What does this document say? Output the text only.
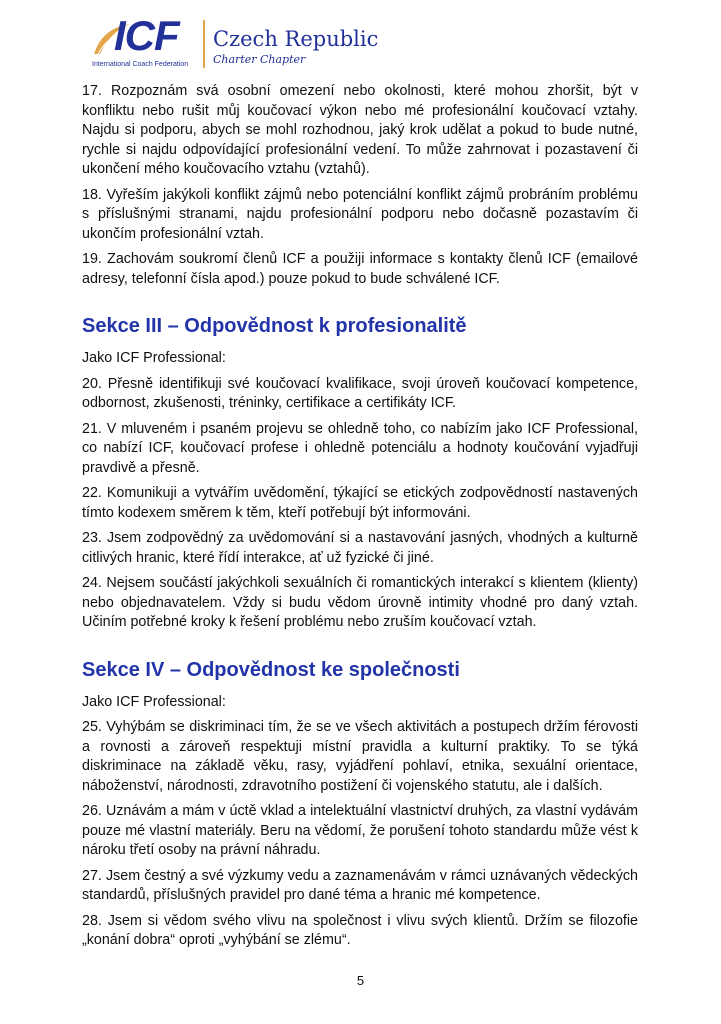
ICF
International Coach Federation
Czech Republic
Charter Chapter

17. Rozpoznám svá osobní omezení nebo okolnosti, které mohou zhoršit, být v konfliktu nebo rušit můj koučovací výkon nebo mé profesionální koučovací vztahy. Najdu si podporu, abych se mohl rozhodnou, jaký krok udělat a pokud to bude nutné, rychle si najdu odpovídající profesionální vedení. To může zahrnovat i pozastavení či ukončení mého koučovacího vztahu (vztahů).

18. Vyřeším jakýkoli konflikt zájmů nebo potenciální konflikt zájmů probráním problému s příslušnými stranami, najdu profesionální podporu nebo dočasně pozastavím či ukončím profesionální vztah.

19. Zachovám soukromí členů ICF a použiji informace s kontakty členů ICF (emailové adresy, telefonní čísla apod.) pouze pokud to bude schválené ICF.

Sekce III – Odpovědnost k profesionalitě

Jako ICF Professional:

20. Přesně identifikuji své koučovací kvalifikace, svoji úroveň koučovací kompetence, odbornost, zkušenosti, tréninky, certifikace a certifikáty ICF.

21. V mluveném i psaném projevu se ohledně toho, co nabízím jako ICF Professional, co nabízí ICF, koučovací profese i ohledně potenciálu a hodnoty koučování vyjadřuji pravdivě a přesně.

22. Komunikuji a vytvářím uvědomění, týkající se etických zodpovědností nastavených tímto kodexem směrem k těm, kteří potřebují být informováni.

23. Jsem zodpovědný za uvědomování si a nastavování jasných, vhodných a kulturně citlivých hranic, které řídí interakce, ať už fyzické či jiné.

24. Nejsem součástí jakýchkoli sexuálních či romantických interakcí s klientem (klienty) nebo objednavatelem. Vždy si budu vědom úrovně intimity vhodné pro daný vztah. Učiním potřebné kroky k řešení problému nebo zruším koučovací vztah.

Sekce IV – Odpovědnost ke společnosti

Jako ICF Professional:

25. Vyhýbám se diskriminaci tím, že se ve všech aktivitách a postupech držím férovosti a rovnosti a zároveň respektuji místní pravidla a kulturní praktiky. To se týká diskriminace na základě věku, rasy, vyjádření pohlaví, etnika, sexuální orientace, náboženství, národnosti, zdravotního postižení či vojenského statutu, ale i dalších.

26. Uznávám a mám v úctě vklad a intelektuální vlastnictví druhých, za vlastní vydávám pouze mé vlastní materiály. Beru na vědomí, že porušení tohoto standardu může vést k nároku třetí osoby na právní náhradu.

27. Jsem čestný a své výzkumy vedu a zaznamenávám v rámci uznávaných vědeckých standardů, příslušných pravidel pro dané téma a hranic mé kompetence.

28. Jsem si vědom svého vlivu na společnost i vlivu svých klientů. Držím se filozofie „konání dobra“ oproti „vyhýbání se zlému“.

5
